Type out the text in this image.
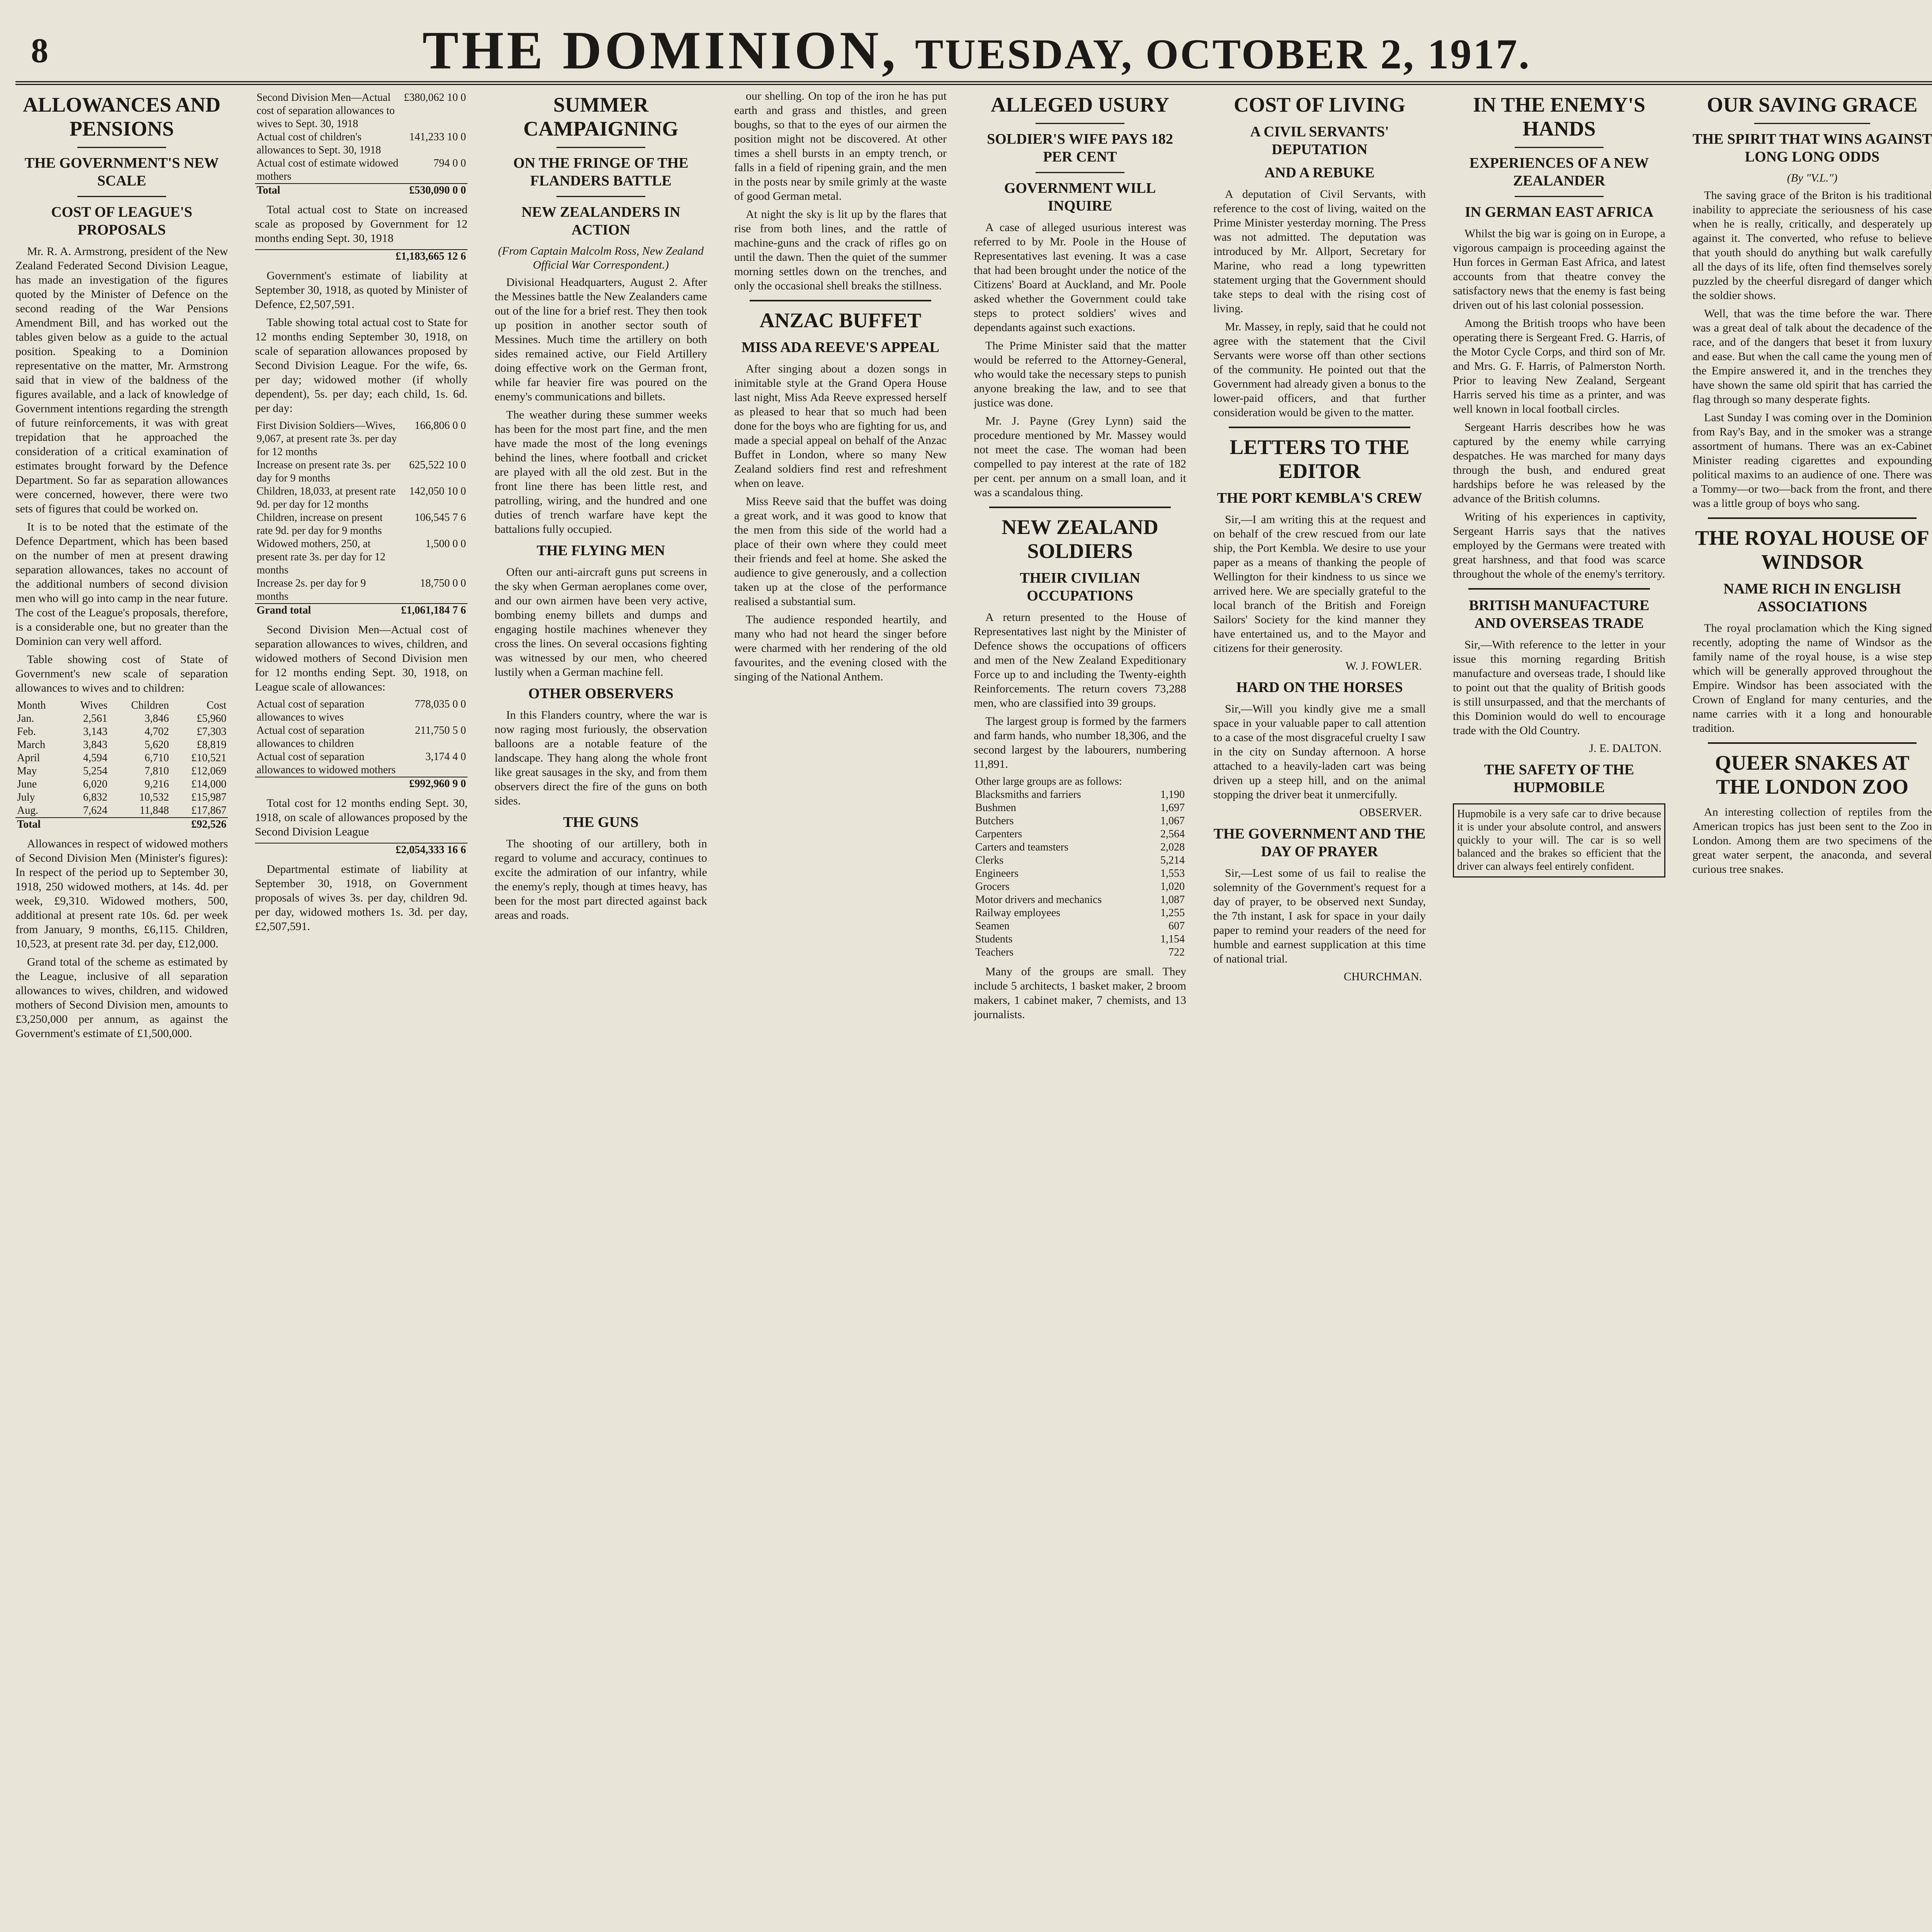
8	THE DOMINION, TUESDAY, OCTOBER 2, 1917.
ALLOWANCES AND PENSIONS
THE GOVERNMENT'S NEW SCALE
COST OF LEAGUE'S PROPOSALS

Mr. R. A. Armstrong, president of the New Zealand Federated Second Division League, has made an investigation of the figures quoted by the Minister of Defence on the second reading of the War Pensions Amendment Bill, and has worked out the tables given below as a guide to the actual position. Speaking to a Dominion representative on the matter, Mr. Armstrong said that in view of the baldness of the figures available, and a lack of knowledge of Government intentions regarding the strength of future reinforcements, it was with great trepidation that he approached the consideration of a critical examination of estimates brought forward by the Defence Department. So far as separation allowances were concerned, however, there were two sets of figures that could be worked on.

It is to be noted that the estimate of the Defence Department, which has been based on the number of men at present drawing separation allowances, takes no account of the additional numbers of second division men who will go into camp in the near future. The cost of the League's proposals, therefore, is a considerable one, but no greater than the Dominion can very well afford.

Table showing cost of State of Government's new scale of separation allowances to wives and to children:

Month	Wives	Children	Cost
Jan.	2,561	3,846	£5,960
Feb.	3,143	4,702	£7,303
March	3,843	5,620	£8,819
April	4,594	6,710	£10,521
May	5,254	7,810	£12,069
June	6,020	9,216	£14,000
July	6,832	10,532	£15,987
Aug.	7,624	11,848	£17,867
Total			£92,526

Allowances in respect of widowed mothers of Second Division Men (Minister's figures): In respect of the period up to September 30, 1918, 250 widowed mothers, at 14s. 4d. per week, £9,310. Widowed mothers, 500, additional at present rate 10s. 6d. per week from January, 9 months, £6,115. Children, 10,523, at present rate 3d. per day, £12,000.

Grand total of the scheme as estimated by the League, inclusive of all separation allowances to wives, children, and widowed mothers of Second Division men, amounts to £3,250,000 per annum, as against the Government's estimate of £1,500,000.

Second Division Men—Actual cost of separation allowances to wives to Sept. 30, 1918	£380,062 10 0
Actual cost of children's allowances to Sept. 30, 1918	141,233 10 0
Actual cost of estimate widowed mothers	794 0 0
Total	£530,090 0 0

Total actual cost to State on increased scale as proposed by Government for 12 months ending Sept. 30, 1918

	£1,183,665 12 6

Government's estimate of liability at September 30, 1918, as quoted by Minister of Defence, £2,507,591.

Table showing total actual cost to State for 12 months ending September 30, 1918, on scale of separation allowances proposed by Second Division League. For the wife, 6s. per day; widowed mother (if wholly dependent), 5s. per day; each child, 1s. 6d. per day:

First Division Soldiers—Wives, 9,067, at present rate 3s. per day for 12 months	166,806 0 0
Increase on present rate 3s. per day for 9 months	625,522 10 0
Children, 18,033, at present rate 9d. per day for 12 months	142,050 10 0
Children, increase on present rate 9d. per day for 9 months	106,545 7 6
Widowed mothers, 250, at present rate 3s. per day for 12 months	1,500 0 0
Increase 2s. per day for 9 months	18,750 0 0
Grand total	£1,061,184 7 6

Second Division Men—Actual cost of separation allowances to wives, children, and widowed mothers of Second Division men for 12 months ending Sept. 30, 1918, on League scale of allowances:

Actual cost of separation allowances to wives	778,035 0 0
Actual cost of separation allowances to children	211,750 5 0
Actual cost of separation allowances to widowed mothers	3,174 4 0
	£992,960 9 0

Total cost for 12 months ending Sept. 30, 1918, on scale of allowances proposed by the Second Division League

	£2,054,333 16 6

Departmental estimate of liability at September 30, 1918, on Government proposals of wives 3s. per day, children 9d. per day, widowed mothers 1s. 3d. per day, £2,507,591.

SUMMER CAMPAIGNING
ON THE FRINGE OF THE FLANDERS BATTLE
NEW ZEALANDERS IN ACTION
(From Captain Malcolm Ross, New Zealand Official War Correspondent.)

Divisional Headquarters, August 2. After the Messines battle the New Zealanders came out of the line for a brief rest. They then took up position in another sector south of Messines. Much time the artillery on both sides remained active, our Field Artillery doing effective work on the German front, while far heavier fire was poured on the enemy's communications and billets.

The weather during these summer weeks has been for the most part fine, and the men have made the most of the long evenings behind the lines, where football and cricket are played with all the old zest. But in the front line there has been little rest, and patrolling, wiring, and the hundred and one duties of trench warfare have kept the battalions fully occupied.

THE FLYING MEN

Often our anti-aircraft guns put screens in the sky when German aeroplanes come over, and our own airmen have been very active, bombing enemy billets and dumps and engaging hostile machines whenever they cross the lines. On several occasions fighting was witnessed by our men, who cheered lustily when a German machine fell.

OTHER OBSERVERS

In this Flanders country, where the war is now raging most furiously, the observation balloons are a notable feature of the landscape. They hang along the whole front like great sausages in the sky, and from them observers direct the fire of the guns on both sides.

THE GUNS

The shooting of our artillery, both in regard to volume and accuracy, continues to excite the admiration of our infantry, while the enemy's reply, though at times heavy, has been for the most part directed against back areas and roads.

our shelling. On top of the iron he has put earth and grass and thistles, and green boughs, so that to the eyes of our airmen the position might not be discovered. At other times a shell bursts in an empty trench, or falls in a field of ripening grain, and the men in the posts near by smile grimly at the waste of good German metal.

At night the sky is lit up by the flares that rise from both lines, and the rattle of machine-guns and the crack of rifles go on until the dawn. Then the quiet of the summer morning settles down on the trenches, and only the occasional shell breaks the stillness.

ANZAC BUFFET
MISS ADA REEVE'S APPEAL

After singing about a dozen songs in inimitable style at the Grand Opera House last night, Miss Ada Reeve expressed herself as pleased to hear that so much had been done for the boys who are fighting for us, and made a special appeal on behalf of the Anzac Buffet in London, where so many New Zealand soldiers find rest and refreshment when on leave.

Miss Reeve said that the buffet was doing a great work, and it was good to know that the men from this side of the world had a place of their own where they could meet their friends and feel at home. She asked the audience to give generously, and a collection taken up at the close of the performance realised a substantial sum.

The audience responded heartily, and many who had not heard the singer before were charmed with her rendering of the old favourites, and the evening closed with the singing of the National Anthem.

ALLEGED USURY
SOLDIER'S WIFE PAYS 182 PER CENT
GOVERNMENT WILL INQUIRE

A case of alleged usurious interest was referred to by Mr. Poole in the House of Representatives last evening. It was a case that had been brought under the notice of the Citizens' Board at Auckland, and Mr. Poole asked whether the Government could take steps to protect soldiers' wives and dependants against such exactions.

The Prime Minister said that the matter would be referred to the Attorney-General, who would take the necessary steps to punish anyone breaking the law, and to see that justice was done.

Mr. J. Payne (Grey Lynn) said the procedure mentioned by Mr. Massey would not meet the case. The woman had been compelled to pay interest at the rate of 182 per cent. per annum on a small loan, and it was a scandalous thing.

NEW ZEALAND SOLDIERS
THEIR CIVILIAN OCCUPATIONS

A return presented to the House of Representatives last night by the Minister of Defence shows the occupations of officers and men of the New Zealand Expeditionary Force up to and including the Twenty-eighth Reinforcements. The return covers 73,288 men, who are classified into 39 groups.

The largest group is formed by the farmers and farm hands, who number 18,306, and the second largest by the labourers, numbering 11,891.

Other large groups are as follows:	
Blacksmiths and farriers	1,190
Bushmen	1,697
Butchers	1,067
Carpenters	2,564
Carters and teamsters	2,028
Clerks	5,214
Engineers	1,553
Grocers	1,020
Motor drivers and mechanics	1,087
Railway employees	1,255
Seamen	607
Students	1,154
Teachers	722

Many of the groups are small. They include 5 architects, 1 basket maker, 2 broom makers, 1 cabinet maker, 7 chemists, and 13 journalists.

COST OF LIVING
A CIVIL SERVANTS' DEPUTATION
AND A REBUKE

A deputation of Civil Servants, with reference to the cost of living, waited on the Prime Minister yesterday morning. The Press was not admitted. The deputation was introduced by Mr. Allport, Secretary for Marine, who read a long typewritten statement urging that the Government should take steps to deal with the rising cost of living.

Mr. Massey, in reply, said that he could not agree with the statement that the Civil Servants were worse off than other sections of the community. He pointed out that the Government had already given a bonus to the lower-paid officers, and that further consideration would be given to the matter.

LETTERS TO THE EDITOR
THE PORT KEMBLA'S CREW

Sir,—I am writing this at the request and on behalf of the crew rescued from our late ship, the Port Kembla. We desire to use your paper as a means of thanking the people of Wellington for their kindness to us since we arrived here. We are specially grateful to the local branch of the British and Foreign Sailors' Society for the kind manner they have entertained us, and to the Mayor and citizens for their generosity.

W. J. FOWLER.
HARD ON THE HORSES

Sir,—Will you kindly give me a small space in your valuable paper to call attention to a case of the most disgraceful cruelty I saw in the city on Sunday afternoon. A horse attached to a heavily-laden cart was being driven up a steep hill, and on the animal stopping the driver beat it unmercifully.

OBSERVER.
THE GOVERNMENT AND THE DAY OF PRAYER

Sir,—Lest some of us fail to realise the solemnity of the Government's request for a day of prayer, to be observed next Sunday, the 7th instant, I ask for space in your daily paper to remind your readers of the need for humble and earnest supplication at this time of national trial.

CHURCHMAN.
IN THE ENEMY'S HANDS
EXPERIENCES OF A NEW ZEALANDER
IN GERMAN EAST AFRICA

Whilst the big war is going on in Europe, a vigorous campaign is proceeding against the Hun forces in German East Africa, and latest accounts from that theatre convey the satisfactory news that the enemy is fast being driven out of his last colonial possession.

Among the British troops who have been operating there is Sergeant Fred. G. Harris, of the Motor Cycle Corps, and third son of Mr. and Mrs. G. F. Harris, of Palmerston North. Prior to leaving New Zealand, Sergeant Harris served his time as a printer, and was well known in local football circles.

Sergeant Harris describes how he was captured by the enemy while carrying despatches. He was marched for many days through the bush, and endured great hardships before he was released by the advance of the British columns.

Writing of his experiences in captivity, Sergeant Harris says that the natives employed by the Germans were treated with great harshness, and that food was scarce throughout the whole of the enemy's territory.

BRITISH MANUFACTURE AND OVERSEAS TRADE

Sir,—With reference to the letter in your issue this morning regarding British manufacture and overseas trade, I should like to point out that the quality of British goods is still unsurpassed, and that the merchants of this Dominion would do well to encourage trade with the Old Country.

J. E. DALTON.
THE SAFETY OF THE HUPMOBILE
Hupmobile is a very safe car to drive because it is under your absolute control, and answers quickly to your will. The car is so well balanced and the brakes so efficient that the driver can always feel entirely confident.
OUR SAVING GRACE
THE SPIRIT THAT WINS AGAINST LONG LONG ODDS
(By "V.L.")

The saving grace of the Briton is his traditional inability to appreciate the seriousness of his case when he is really, critically, and desperately up against it. The converted, who refuse to believe that youth should do anything but walk carefully all the days of its life, often find themselves sorely puzzled by the cheerful disregard of danger which the soldier shows.

Well, that was the time before the war. There was a great deal of talk about the decadence of the race, and of the dangers that beset it from luxury and ease. But when the call came the young men of the Empire answered it, and in the trenches they have shown the same old spirit that has carried the flag through so many desperate fights.

Last Sunday I was coming over in the Dominion from Ray's Bay, and in the smoker was a strange assortment of humans. There was an ex-Cabinet Minister reading cigarettes and expounding political maxims to an audience of one. There was a Tommy—or two—back from the front, and there was a little group of boys who sang.

THE ROYAL HOUSE OF WINDSOR
NAME RICH IN ENGLISH ASSOCIATIONS

The royal proclamation which the King signed recently, adopting the name of Windsor as the family name of the royal house, is a wise step which will be generally approved throughout the Empire. Windsor has been associated with the Crown of England for many centuries, and the name carries with it a long and honourable tradition.

QUEER SNAKES AT THE LONDON ZOO

An interesting collection of reptiles from the American tropics has just been sent to the Zoo in London. Among them are two specimens of the great water serpent, the anaconda, and several curious tree snakes.
